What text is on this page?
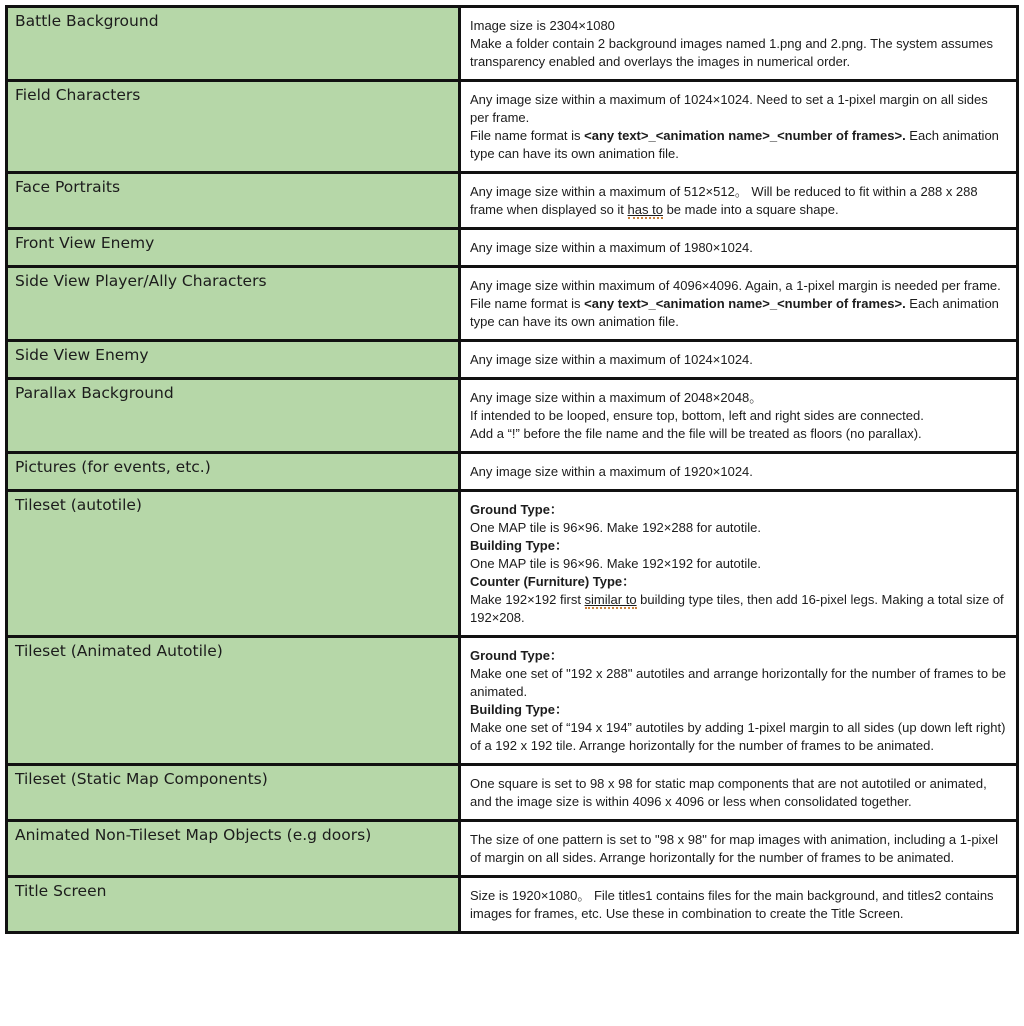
Battle Background	Image size is 2304×1080
Make a folder contain 2 background images named 1.png and 2.png. The system assumes transparency enabled and overlays the images in numerical order.

Field Characters	Any image size within a maximum of 1024×1024. Need to set a 1-pixel margin on all sides per frame.
File name format is <any text>_<animation name>_<number of frames>. Each animation type can have its own animation file.

Face Portraits	Any image size within a maximum of 512×512。 Will be reduced to fit within a 288 x 288 frame when displayed so it has to be made into a square shape.

Front View Enemy	Any image size within a maximum of 1980×1024.

Side View Player/Ally Characters	Any image size within maximum of 4096×4096. Again, a 1-pixel margin is needed per frame.
File name format is <any text>_<animation name>_<number of frames>. Each animation type can have its own animation file.

Side View Enemy	Any image size within a maximum of 1024×1024.

Parallax Background	Any image size within a maximum of 2048×2048。
If intended to be looped, ensure top, bottom, left and right sides are connected.
Add a “!” before the file name and the file will be treated as floors (no parallax).

Pictures (for events, etc.)	Any image size within a maximum of 1920×1024.

Tileset (autotile)	Ground Type：
One MAP tile is 96×96. Make 192×288 for autotile.
Building Type：
One MAP tile is 96×96. Make 192×192 for autotile.
Counter (Furniture) Type：
Make 192×192 first similar to building type tiles, then add 16-pixel legs. Making a total size of 192×208.

Tileset (Animated Autotile)	Ground Type：
Make one set of "192 x 288" autotiles and arrange horizontally for the number of frames to be animated.
Building Type：
Make one set of “194 x 194” autotiles by adding 1-pixel margin to all sides (up down left right) of a 192 x 192 tile. Arrange horizontally for the number of frames to be animated.

Tileset (Static Map Components)	One square is set to 98 x 98 for static map components that are not autotiled or animated, and the image size is within 4096 x 4096 or less when consolidated together.

Animated Non-Tileset Map Objects (e.g doors)	The size of one pattern is set to "98 x 98" for map images with animation, including a 1-pixel of margin on all sides. Arrange horizontally for the number of frames to be animated.

Title Screen	Size is 1920×1080。 File titles1 contains files for the main background, and titles2 contains images for frames, etc. Use these in combination to create the Title Screen.
